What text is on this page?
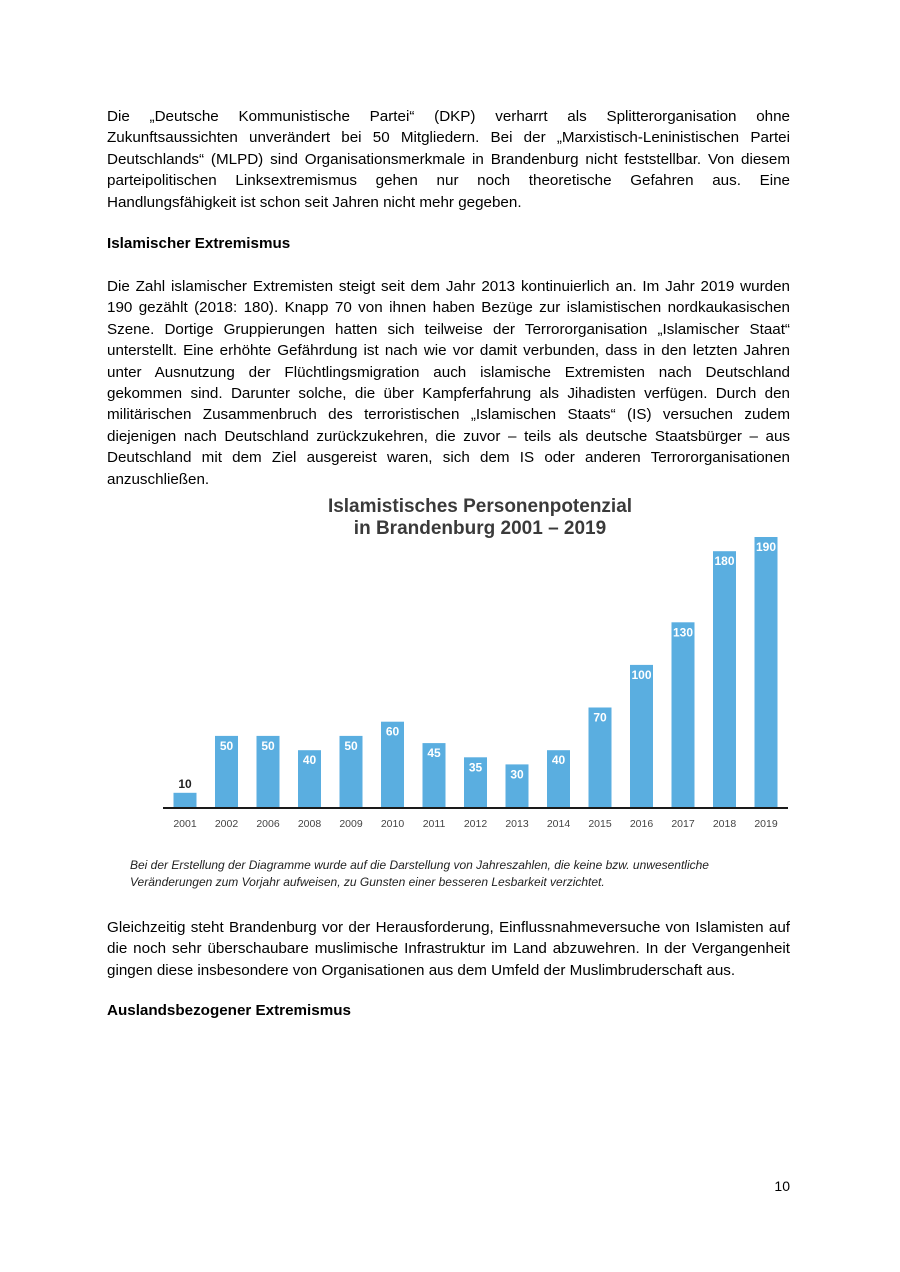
Die „Deutsche Kommunistische Partei“ (DKP) verharrt als Splitterorganisation ohne Zukunftsaussichten unverändert bei 50 Mitgliedern. Bei der „Marxistisch-Leninistischen Partei Deutschlands“ (MLPD) sind Organisationsmerkmale in Brandenburg nicht feststellbar. Von diesem parteipolitischen Linksextremismus gehen nur noch theoretische Gefahren aus. Eine Handlungsfähigkeit ist schon seit Jahren nicht mehr gegeben.

Islamischer Extremismus

Die Zahl islamischer Extremisten steigt seit dem Jahr 2013 kontinuierlich an. Im Jahr 2019 wurden 190 gezählt (2018: 180). Knapp 70 von ihnen haben Bezüge zur islamistischen nordkaukasischen Szene. Dortige Gruppierungen hatten sich teilweise der Terrororganisation „Islamischer Staat“ unterstellt. Eine erhöhte Gefährdung ist nach wie vor damit verbunden, dass in den letzten Jahren unter Ausnutzung der Flüchtlingsmigration auch islamische Extremisten nach Deutschland gekommen sind. Darunter solche, die über Kampferfahrung als Jihadisten verfügen. Durch den militärischen Zusammenbruch des terroristischen „Islamischen Staats“ (IS) versuchen zudem diejenigen nach Deutschland zurückzukehren, die zuvor – teils als deutsche Staatsbürger – aus Deutschland mit dem Ziel ausgereist waren, sich dem IS oder anderen Terrororganisationen anzuschließen.

Islamistisches Personenpotenzial
in Brandenburg 2001 – 2019
10
50 50
40
50
60
45
35
30
40
70
100
130
180
190
2001 2002 2006 2008 2009 2010 2011 2012 2013 2014 2015 2016 2017 2018 2019

Bei der Erstellung der Diagramme wurde auf die Darstellung von Jahreszahlen, die keine bzw. unwesentliche Veränderungen zum Vorjahr aufweisen, zu Gunsten einer besseren Lesbarkeit verzichtet.

Gleichzeitig steht Brandenburg vor der Herausforderung, Einflussnahmeversuche von Islamisten auf die noch sehr überschaubare muslimische Infrastruktur im Land abzuwehren. In der Vergangenheit gingen diese insbesondere von Organisationen aus dem Umfeld der Muslimbruderschaft aus.

Auslandsbezogener Extremismus
10
